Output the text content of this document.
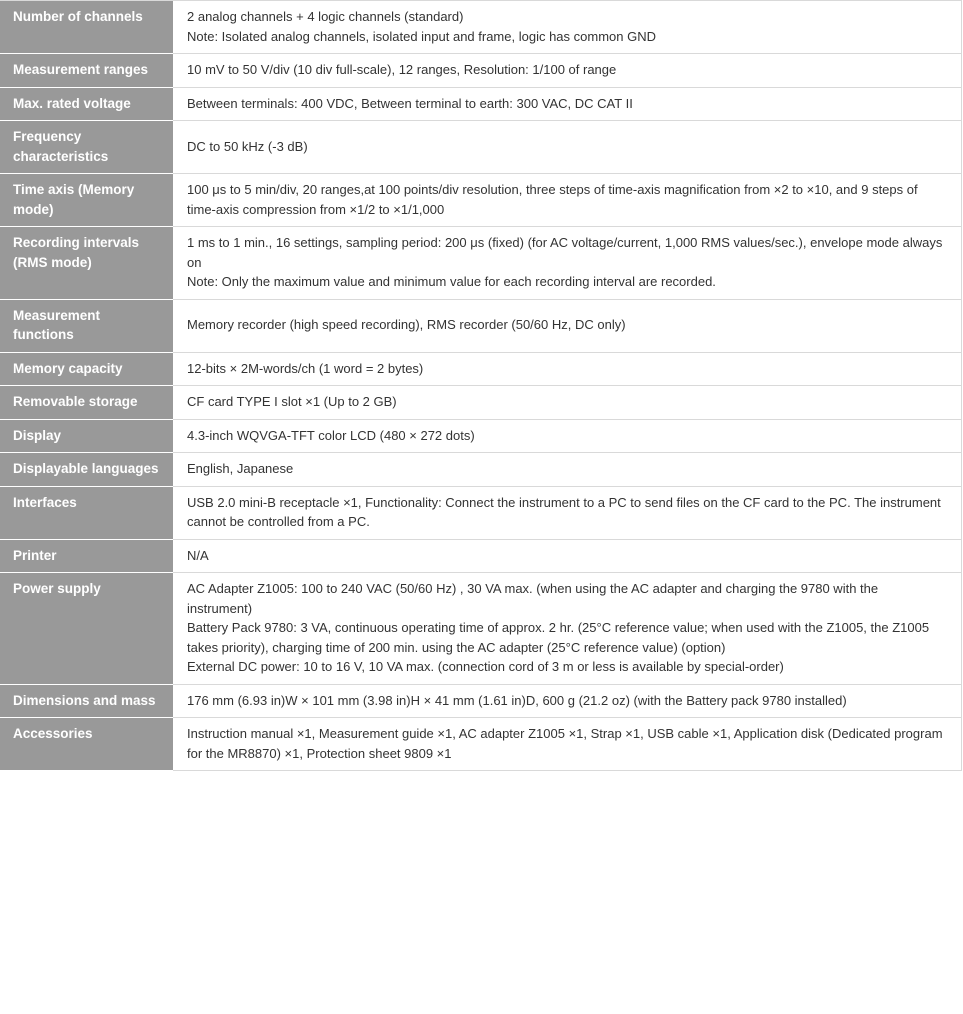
Number of channels	2 analog channels + 4 logic channels (standard)
Note: Isolated analog channels, isolated input and frame, logic has common GND

Measurement ranges	10 mV to 50 V/div (10 div full-scale), 12 ranges, Resolution: 1/100 of range

Max. rated voltage	Between terminals: 400 VDC, Between terminal to earth: 300 VAC, DC CAT II

Frequency characteristics	DC to 50 kHz (-3 dB)

Time axis (Memory mode)	100 μs to 5 min/div, 20 ranges,at 100 points/div resolution, three steps of time-axis magnification from ×2 to ×10, and 9 steps of time-axis compression from ×1/2 to ×1/1,000

Recording intervals (RMS mode)	1 ms to 1 min., 16 settings, sampling period: 200 μs (fixed) (for AC voltage/current, 1,000 RMS values/sec.), envelope mode always on
Note: Only the maximum value and minimum value for each recording interval are recorded.

Measurement functions	Memory recorder (high speed recording), RMS recorder (50/60 Hz, DC only)

Memory capacity	12-bits × 2M-words/ch (1 word = 2 bytes)

Removable storage	CF card TYPE I slot ×1 (Up to 2 GB)

Display	4.3-inch WQVGA-TFT color LCD (480 × 272 dots)

Displayable languages	English, Japanese

Interfaces	USB 2.0 mini-B receptacle ×1, Functionality: Connect the instrument to a PC to send files on the CF card to the PC. The instrument cannot be controlled from a PC.

Printer	N/A

Power supply	AC Adapter Z1005: 100 to 240 VAC (50/60 Hz) , 30 VA max. (when using the AC adapter and charging the 9780 with the instrument)
Battery Pack 9780: 3 VA, continuous operating time of approx. 2 hr. (25°C reference value; when used with the Z1005, the Z1005 takes priority), charging time of 200 min. using the AC adapter (25°C reference value) (option)
External DC power: 10 to 16 V, 10 VA max. (connection cord of 3 m or less is available by special-order)

Dimensions and mass	176 mm (6.93 in)W × 101 mm (3.98 in)H × 41 mm (1.61 in)D, 600 g (21.2 oz) (with the Battery pack 9780 installed)

Accessories	Instruction manual ×1, Measurement guide ×1, AC adapter Z1005 ×1, Strap ×1, USB cable ×1, Application disk (Dedicated program for the MR8870) ×1, Protection sheet 9809 ×1
